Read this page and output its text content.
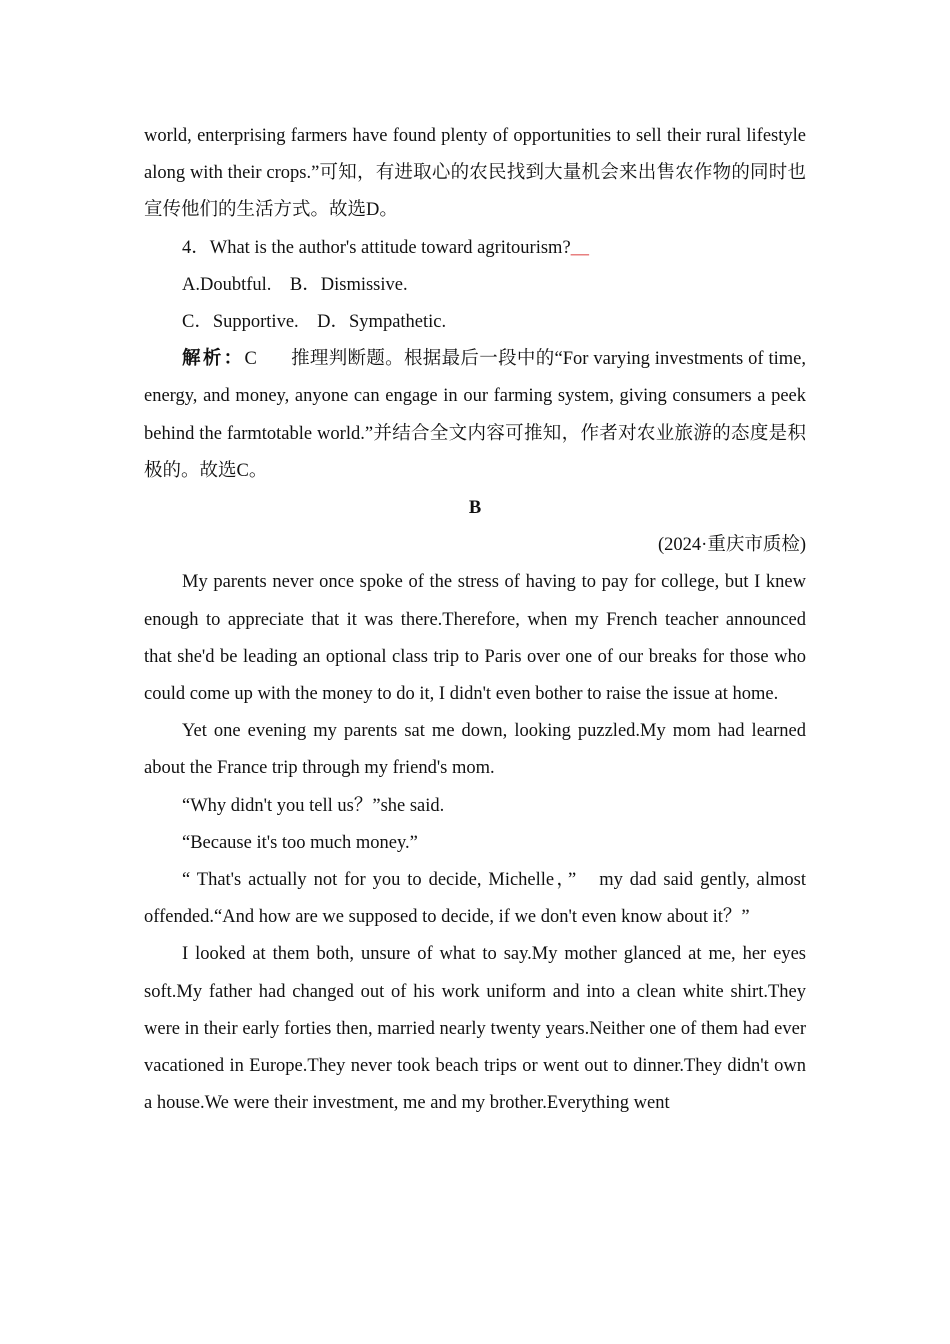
world, enterprising farmers have found plenty of opportunities to sell their rural lifestyle along with their crops.”可知，有进取心的农民找到大量机会来出售农作物的同时也宣传他们的生活方式。故选D。

4．What is the author's attitude toward agritourism?＿

A.Doubtful.　B．Dismissive.

C．Supportive.　D．Sympathetic.

解析：C 推理判断题。根据最后一段中的“For varying investments of time, energy, and money, anyone can engage in our farming system, giving consumers a peek behind the farmtotable world.”并结合全文内容可推知，作者对农业旅游的态度是积极的。故选C。

B

(2024·重庆市质检)

My parents never once spoke of the stress of having to pay for college, but I knew enough to appreciate that it was there.Therefore, when my French teacher announced that she'd be leading an optional class trip to Paris over one of our breaks for those who could come up with the money to do it, I didn't even bother to raise the issue at home.

Yet one evening my parents sat me down, looking puzzled.My mom had learned about the France trip through my friend's mom.

“Why didn't you tell us？”she said.

“Because it's too much money.”

“ That's actually not for you to decide, Michelle，”　my dad said gently, almost offended.“And how are we supposed to decide, if we don't even know about it？”

I looked at them both, unsure of what to say.My mother glanced at me, her eyes soft.My father had changed out of his work uniform and into a clean white shirt.They were in their early forties then, married nearly twenty years.Neither one of them had ever vacationed in Europe.They never took beach trips or went out to dinner.They didn't own a house.We were their investment, me and my brother.Everything went
